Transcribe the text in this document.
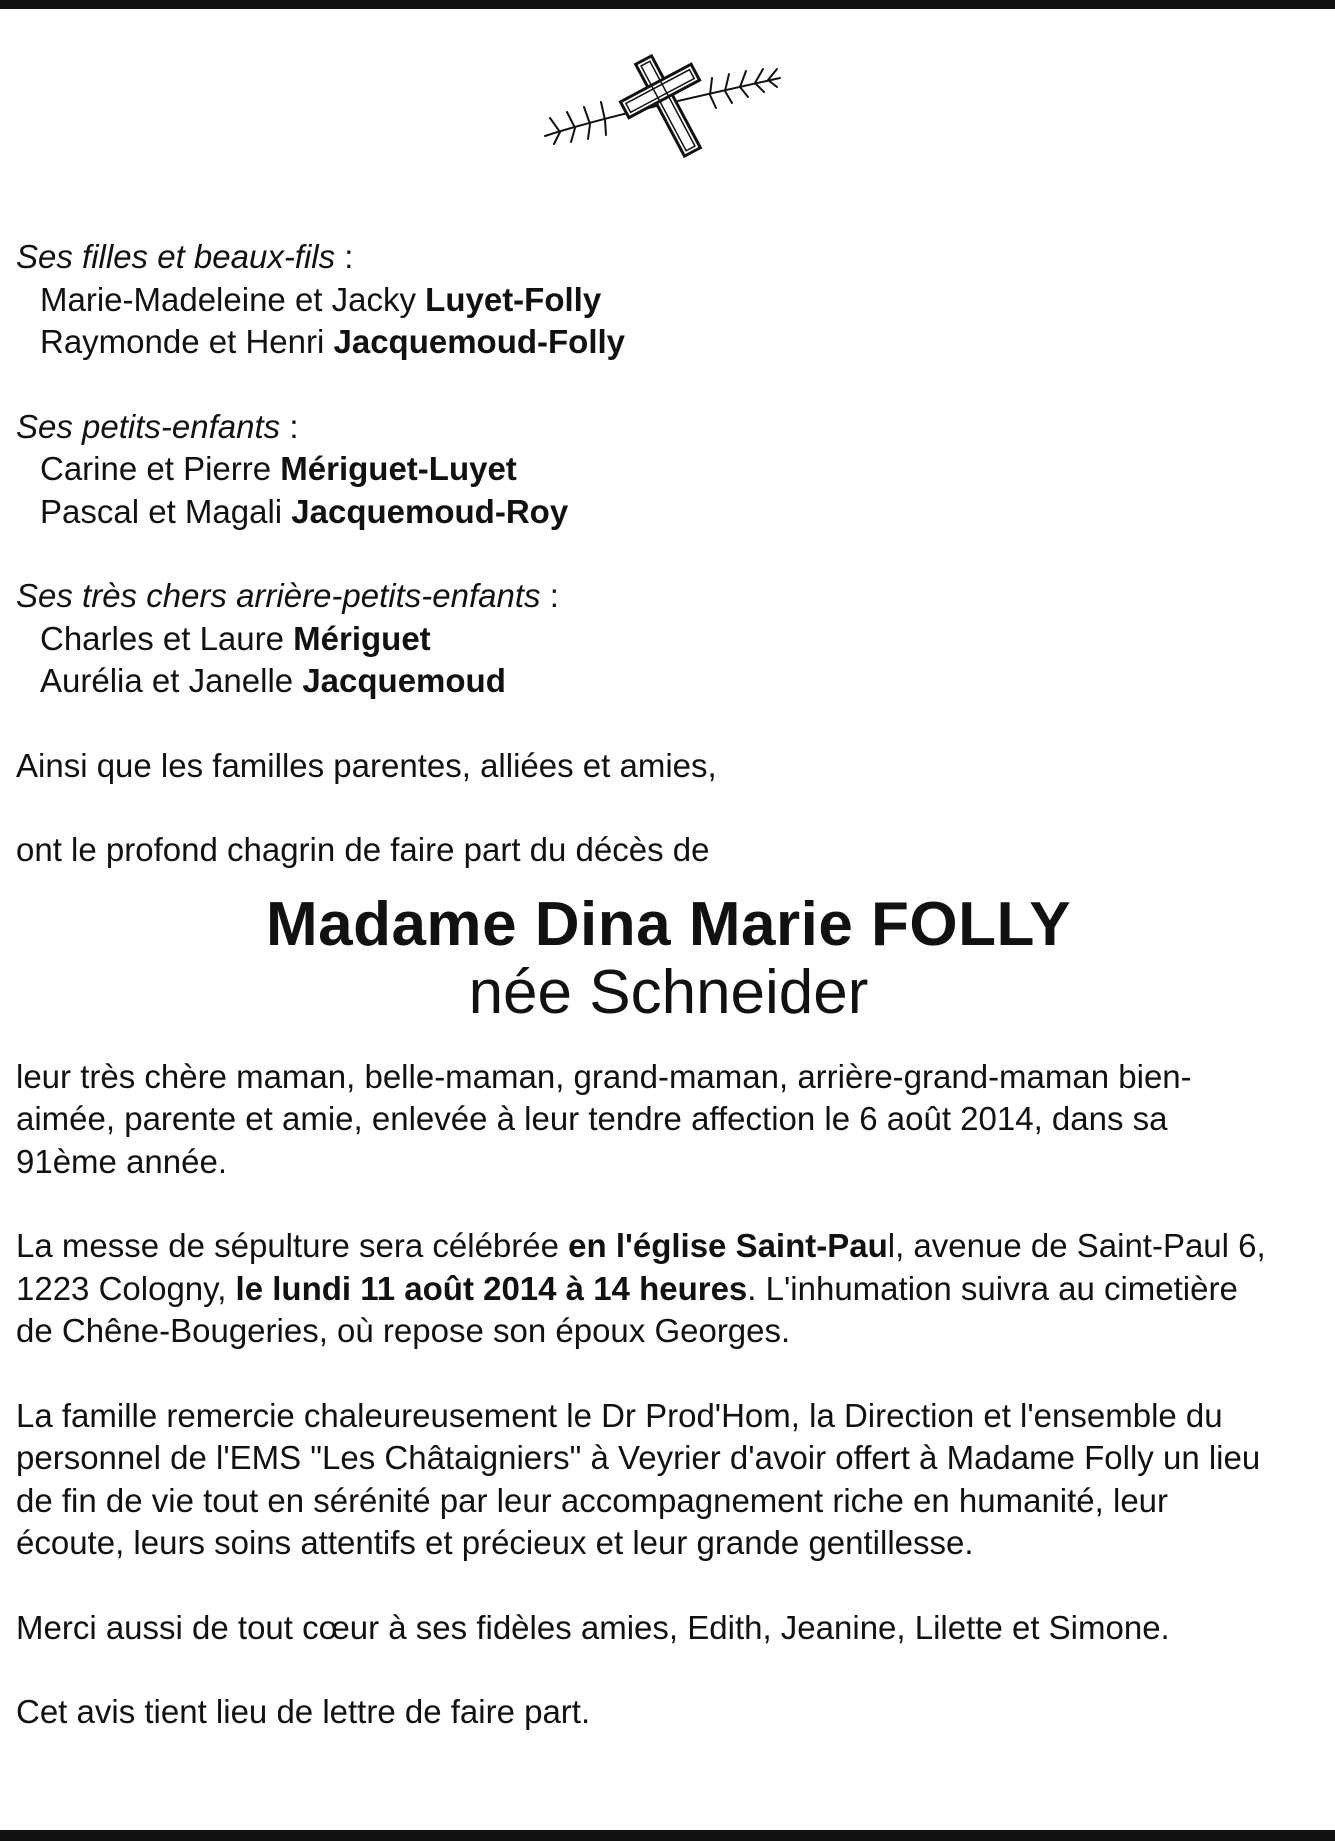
Ses filles et beaux-fils :
Marie-Madeleine et Jacky Luyet-Folly
Raymonde et Henri Jacquemoud-Folly
Ses petits-enfants :
Carine et Pierre Mériguet-Luyet
Pascal et Magali Jacquemoud-Roy
Ses très chers arrière-petits-enfants :
Charles et Laure Mériguet
Aurélia et Janelle Jacquemoud
Ainsi que les familles parentes, alliées et amies,
ont le profond chagrin de faire part du décès de
Madame Dina Marie FOLLY
née Schneider
leur très chère maman, belle-maman, grand-maman, arrière-grand-maman bien-
aimée, parente et amie, enlevée à leur tendre affection le 6 août 2014, dans sa
91ème année.
La messe de sépulture sera célébrée en l'église Saint-Paul, avenue de Saint-Paul 6,
1223 Cologny, le lundi 11 août 2014 à 14 heures. L'inhumation suivra au cimetière
de Chêne-Bougeries, où repose son époux Georges.
La famille remercie chaleureusement le Dr Prod'Hom, la Direction et l'ensemble du
personnel de l'EMS "Les Châtaigniers" à Veyrier d'avoir offert à Madame Folly un lieu
de fin de vie tout en sérénité par leur accompagnement riche en humanité, leur
écoute, leurs soins attentifs et précieux et leur grande gentillesse.
Merci aussi de tout cœur à ses fidèles amies, Edith, Jeanine, Lilette et Simone.
Cet avis tient lieu de lettre de faire part.
